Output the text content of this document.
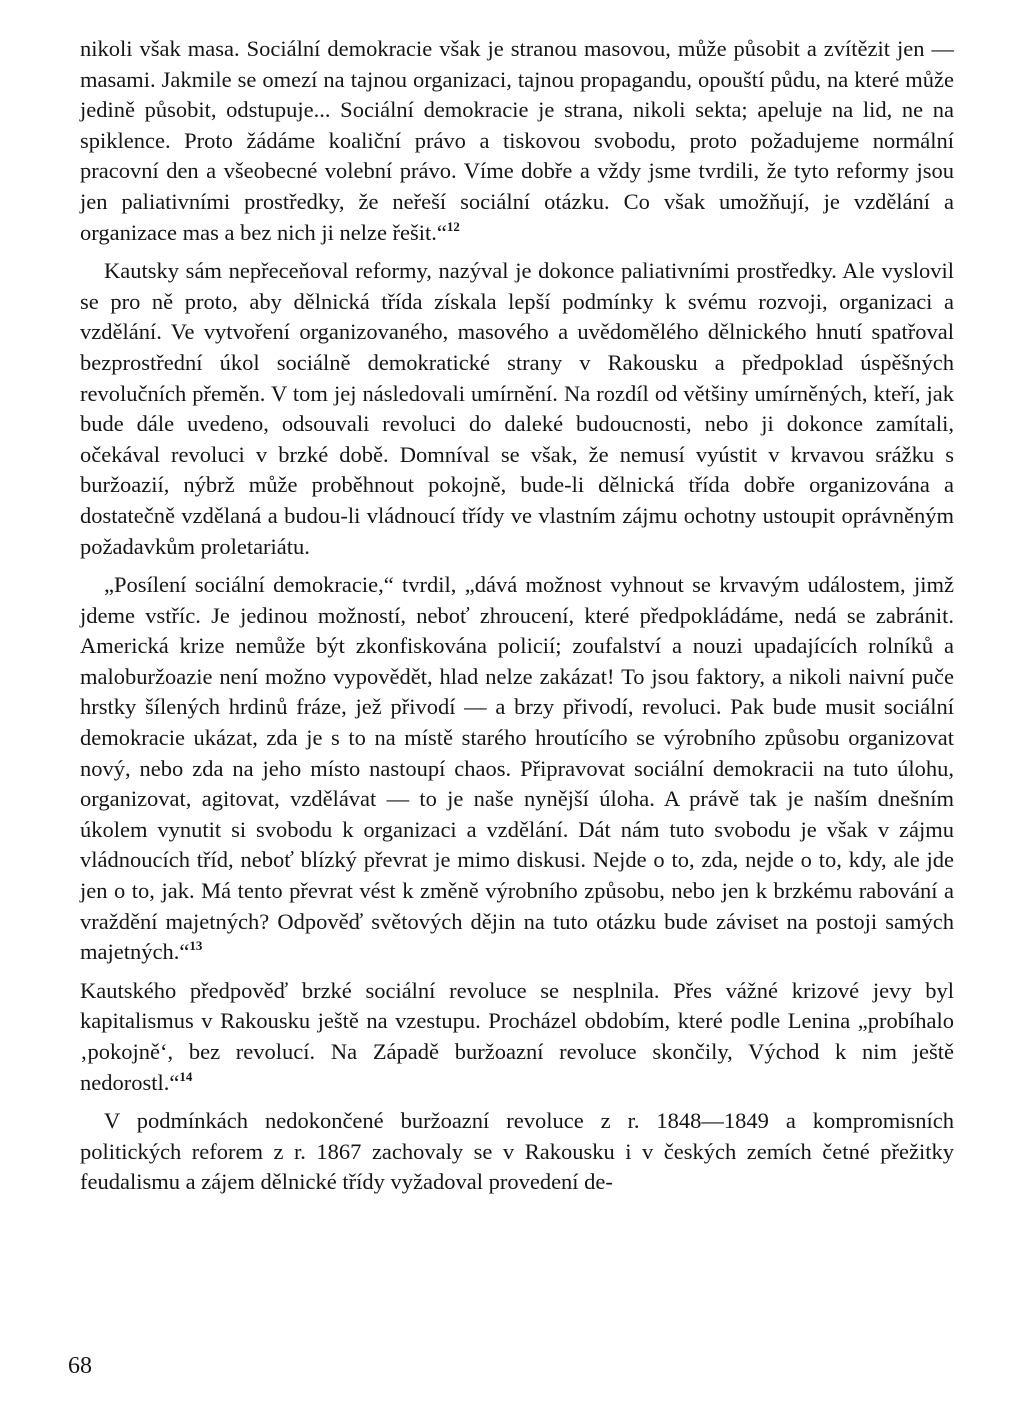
nikoli však masa. Sociální demokracie však je stranou masovou, může působit a zvítězit jen — masami. Jakmile se omezí na tajnou organizaci, tajnou propagandu, opouští půdu, na které může jedině působit, odstupuje... Sociální demokracie je strana, nikoli sekta; apeluje na lid, ne na spiklence. Proto žádáme koaliční právo a tiskovou svobodu, proto požadujeme normální pracovní den a všeobecné volební právo. Víme dobře a vždy jsme tvrdili, že tyto reformy jsou jen paliativními prostředky, že neřeší sociální otázku. Co však umožňují, je vzdělání a organizace mas a bez nich ji nelze řešit.“$^{12}$

Kautsky sám nepřeceňoval reformy, nazýval je dokonce paliativními prostředky. Ale vyslovil se pro ně proto, aby dělnická třída získala lepší podmínky k svému rozvoji, organizaci a vzdělání. Ve vytvoření organizovaného, masového a uvědomělého dělnického hnutí spatřoval bezprostřední úkol sociálně demokratické strany v Rakousku a předpoklad úspěšných revolučních přeměn. V tom jej následovali umírnění. Na rozdíl od většiny umírněných, kteří, jak bude dále uvedeno, odsouvali revoluci do daleké budoucnosti, nebo ji dokonce zamítali, očekával revoluci v brzké době. Domníval se však, že nemusí vyústit v krvavou srážku s buržoazií, nýbrž může proběhnout pokojně, bude-li dělnická třída dobře organizována a dostatečně vzdělaná a budou-li vládnoucí třídy ve vlastním zájmu ochotny ustoupit oprávněným požadavkům proletariátu.

„Posílení sociální demokracie,“ tvrdil, „dává možnost vyhnout se krvavým událostem, jimž jdeme vstříc. Je jedinou možností, neboť zhroucení, které předpokládáme, nedá se zabránit. Americká krize nemůže být zkonfiskována policií; zoufalství a nouzi upadajících rolníků a maloburžoazie není možno vypovědět, hlad nelze zakázat! To jsou faktory, a nikoli naivní puče hrstky šílených hrdinů fráze, jež přivodí — a brzy přivodí, revoluci. Pak bude musit sociální demokracie ukázat, zda je s to na místě starého hroutícího se výrobního způsobu organizovat nový, nebo zda na jeho místo nastoupí chaos. Připravovat sociální demokracii na tuto úlohu, organizovat, agitovat, vzdělávat — to je naše nynější úloha. A právě tak je naším dnešním úkolem vynutit si svobodu k organizaci a vzdělání. Dát nám tuto svobodu je však v zájmu vládnoucích tříd, neboť blízký převrat je mimo diskusi. Nejde o to, zda, nejde o to, kdy, ale jde jen o to, jak. Má tento převrat vést k změně výrobního způsobu, nebo jen k brzkému rabování a vraždění majetných? Odpověď světových dějin na tuto otázku bude záviset na postoji samých majetných.“$^{13}$

Kautského předpověď brzké sociální revoluce se nesplnila. Přes vážné krizové jevy byl kapitalismus v Rakousku ještě na vzestupu. Procházel obdobím, které podle Lenina „probíhalo ‚pokojně‘, bez revolucí. Na Západě buržoazní revoluce skončily, Východ k nim ještě nedorostl.“$^{14}$

V podmínkách nedokončené buržoazní revoluce z r. 1848—1849 a kompromisních politických reforem z r. 1867 zachovaly se v Rakousku i v českých zemích četné přežitky feudalismu a zájem dělnické třídy vyžadoval provedení de-

68
